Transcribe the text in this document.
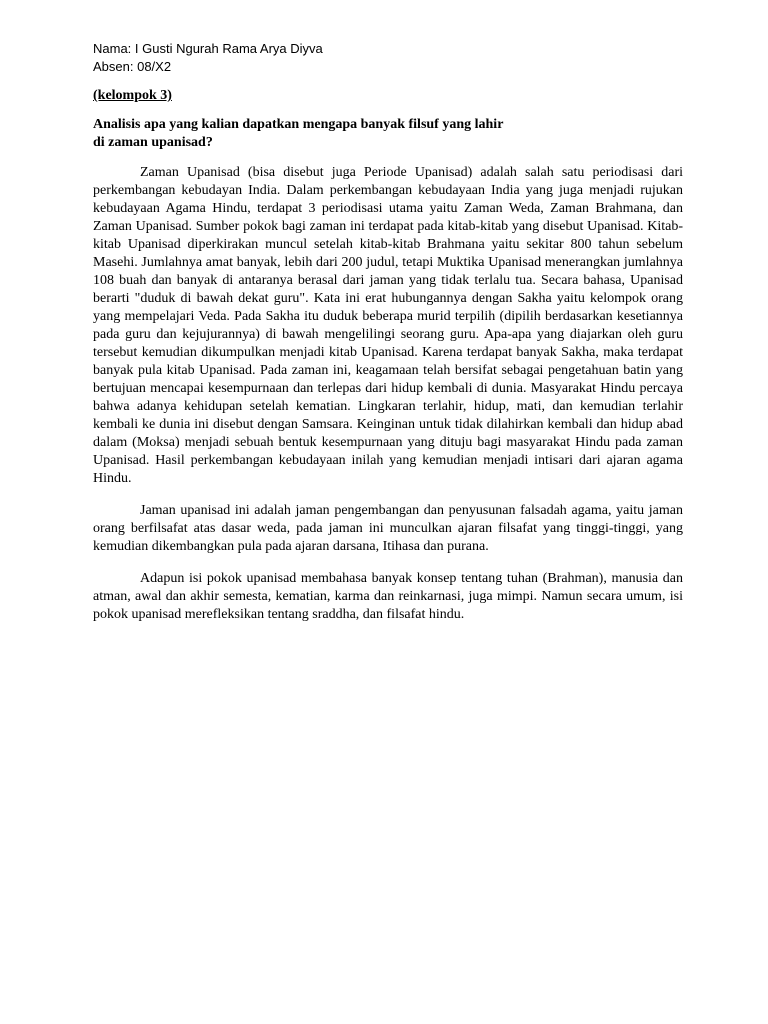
Nama: I Gusti Ngurah Rama Arya Diyva

Absen: 08/X2

(kelompok 3)

Analisis apa yang kalian dapatkan mengapa banyak filsuf yang lahir
di zaman upanisad?

Zaman Upanisad (bisa disebut juga Periode Upanisad) adalah salah satu periodisasi dari perkembangan kebudayan India. Dalam perkembangan kebudayaan India yang juga menjadi rujukan kebudayaan Agama Hindu, terdapat 3 periodisasi utama yaitu Zaman Weda, Zaman Brahmana, dan Zaman Upanisad. Sumber pokok bagi zaman ini terdapat pada kitab-kitab yang disebut Upanisad. Kitab-kitab Upanisad diperkirakan muncul setelah kitab-kitab Brahmana yaitu sekitar 800 tahun sebelum Masehi. Jumlahnya amat banyak, lebih dari 200 judul, tetapi Muktika Upanisad menerangkan jumlahnya 108 buah dan banyak di antaranya berasal dari jaman yang tidak terlalu tua. Secara bahasa, Upanisad berarti "duduk di bawah dekat guru". Kata ini erat hubungannya dengan Sakha yaitu kelompok orang yang mempelajari Veda. Pada Sakha itu duduk beberapa murid terpilih (dipilih berdasarkan kesetiannya pada guru dan kejujurannya) di bawah mengelilingi seorang guru. Apa-apa yang diajarkan oleh guru tersebut kemudian dikumpulkan menjadi kitab Upanisad. Karena terdapat banyak Sakha, maka terdapat banyak pula kitab Upanisad. Pada zaman ini, keagamaan telah bersifat sebagai pengetahuan batin yang bertujuan mencapai kesempurnaan dan terlepas dari hidup kembali di dunia. Masyarakat Hindu percaya bahwa adanya kehidupan setelah kematian. Lingkaran terlahir, hidup, mati, dan kemudian terlahir kembali ke dunia ini disebut dengan Samsara. Keinginan untuk tidak dilahirkan kembali dan hidup abad dalam (Moksa) menjadi sebuah bentuk kesempurnaan yang dituju bagi masyarakat Hindu pada zaman Upanisad. Hasil perkembangan kebudayaan inilah yang kemudian menjadi intisari dari ajaran agama Hindu.

Jaman upanisad ini adalah jaman pengembangan dan penyusunan falsadah agama, yaitu jaman orang berfilsafat atas dasar weda, pada jaman ini munculkan ajaran filsafat yang tinggi-tinggi, yang kemudian dikembangkan pula pada ajaran darsana, Itihasa dan purana.

Adapun isi pokok upanisad membahasa banyak konsep tentang tuhan (Brahman), manusia dan atman, awal dan akhir semesta, kematian, karma dan reinkarnasi, juga mimpi. Namun secara umum, isi pokok upanisad merefleksikan tentang sraddha, dan filsafat hindu.
